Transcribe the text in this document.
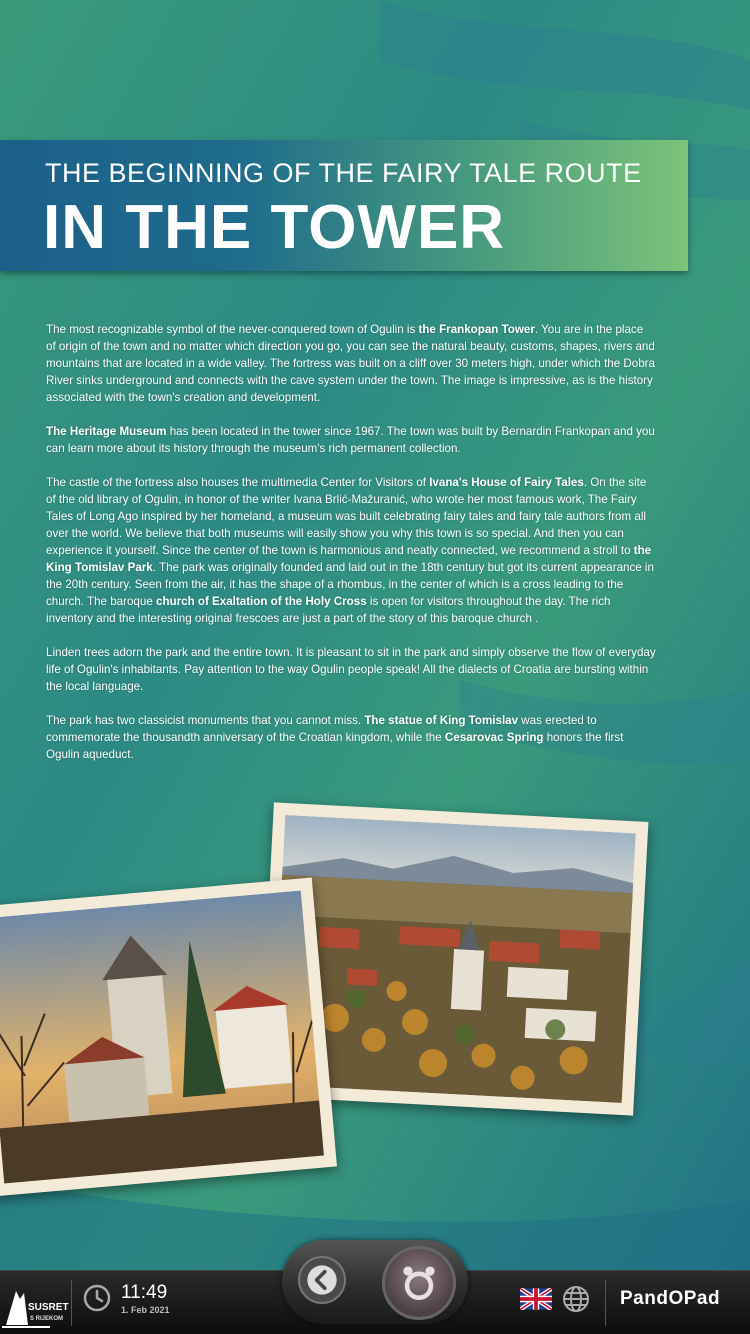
THE BEGINNING OF THE FAIRY TALE ROUTE
IN THE TOWER

The most recognizable symbol of the never-conquered town of Ogulin is the Frankopan Tower. You are in the place of origin of the town and no matter which direction you go, you can see the natural beauty, customs, shapes, rivers and mountains that are located in a wide valley. The fortress was built on a cliff over 30 meters high, under which the Dobra River sinks underground and connects with the cave system under the town. The image is impressive, as is the history associated with the town's creation and development.

The Heritage Museum has been located in the tower since 1967. The town was built by Bernardin Frankopan and you can learn more about its history through the museum's rich permanent collection.

The castle of the fortress also houses the multimedia Center for Visitors of Ivana's House of Fairy Tales. On the site of the old library of Ogulin, in honor of the writer Ivana Brlić-Mažuranić, who wrote her most famous work, The Fairy Tales of Long Ago inspired by her homeland, a museum was built celebrating fairy tales and fairy tale authors from all over the world. We believe that both museums will easily show you why this town is so special. And then you can experience it yourself. Since the center of the town is harmonious and neatly connected, we recommend a stroll to the King Tomislav Park. The park was originally founded and laid out in the 18th century but got its current appearance in the 20th century. Seen from the air, it has the shape of a rhombus, in the center of which is a cross leading to the church. The baroque church of Exaltation of the Holy Cross is open for visitors throughout the day. The rich inventory and the interesting original frescoes are just a part of the story of this baroque church .

Linden trees adorn the park and the entire town. It is pleasant to sit in the park and simply observe the flow of everyday life of Ogulin's inhabitants. Pay attention to the way Ogulin people speak! All the dialects of Croatia are bursting within the local language.

The park has two classicist monuments that you cannot miss. The statue of King Tomislav was erected to commemorate the thousandth anniversary of the Croatian kingdom, while the Cesarovac Spring honors the first Ogulin aqueduct.

SUSRET
S RIJEKOM
11:49
1. Feb 2021
PandOPad
